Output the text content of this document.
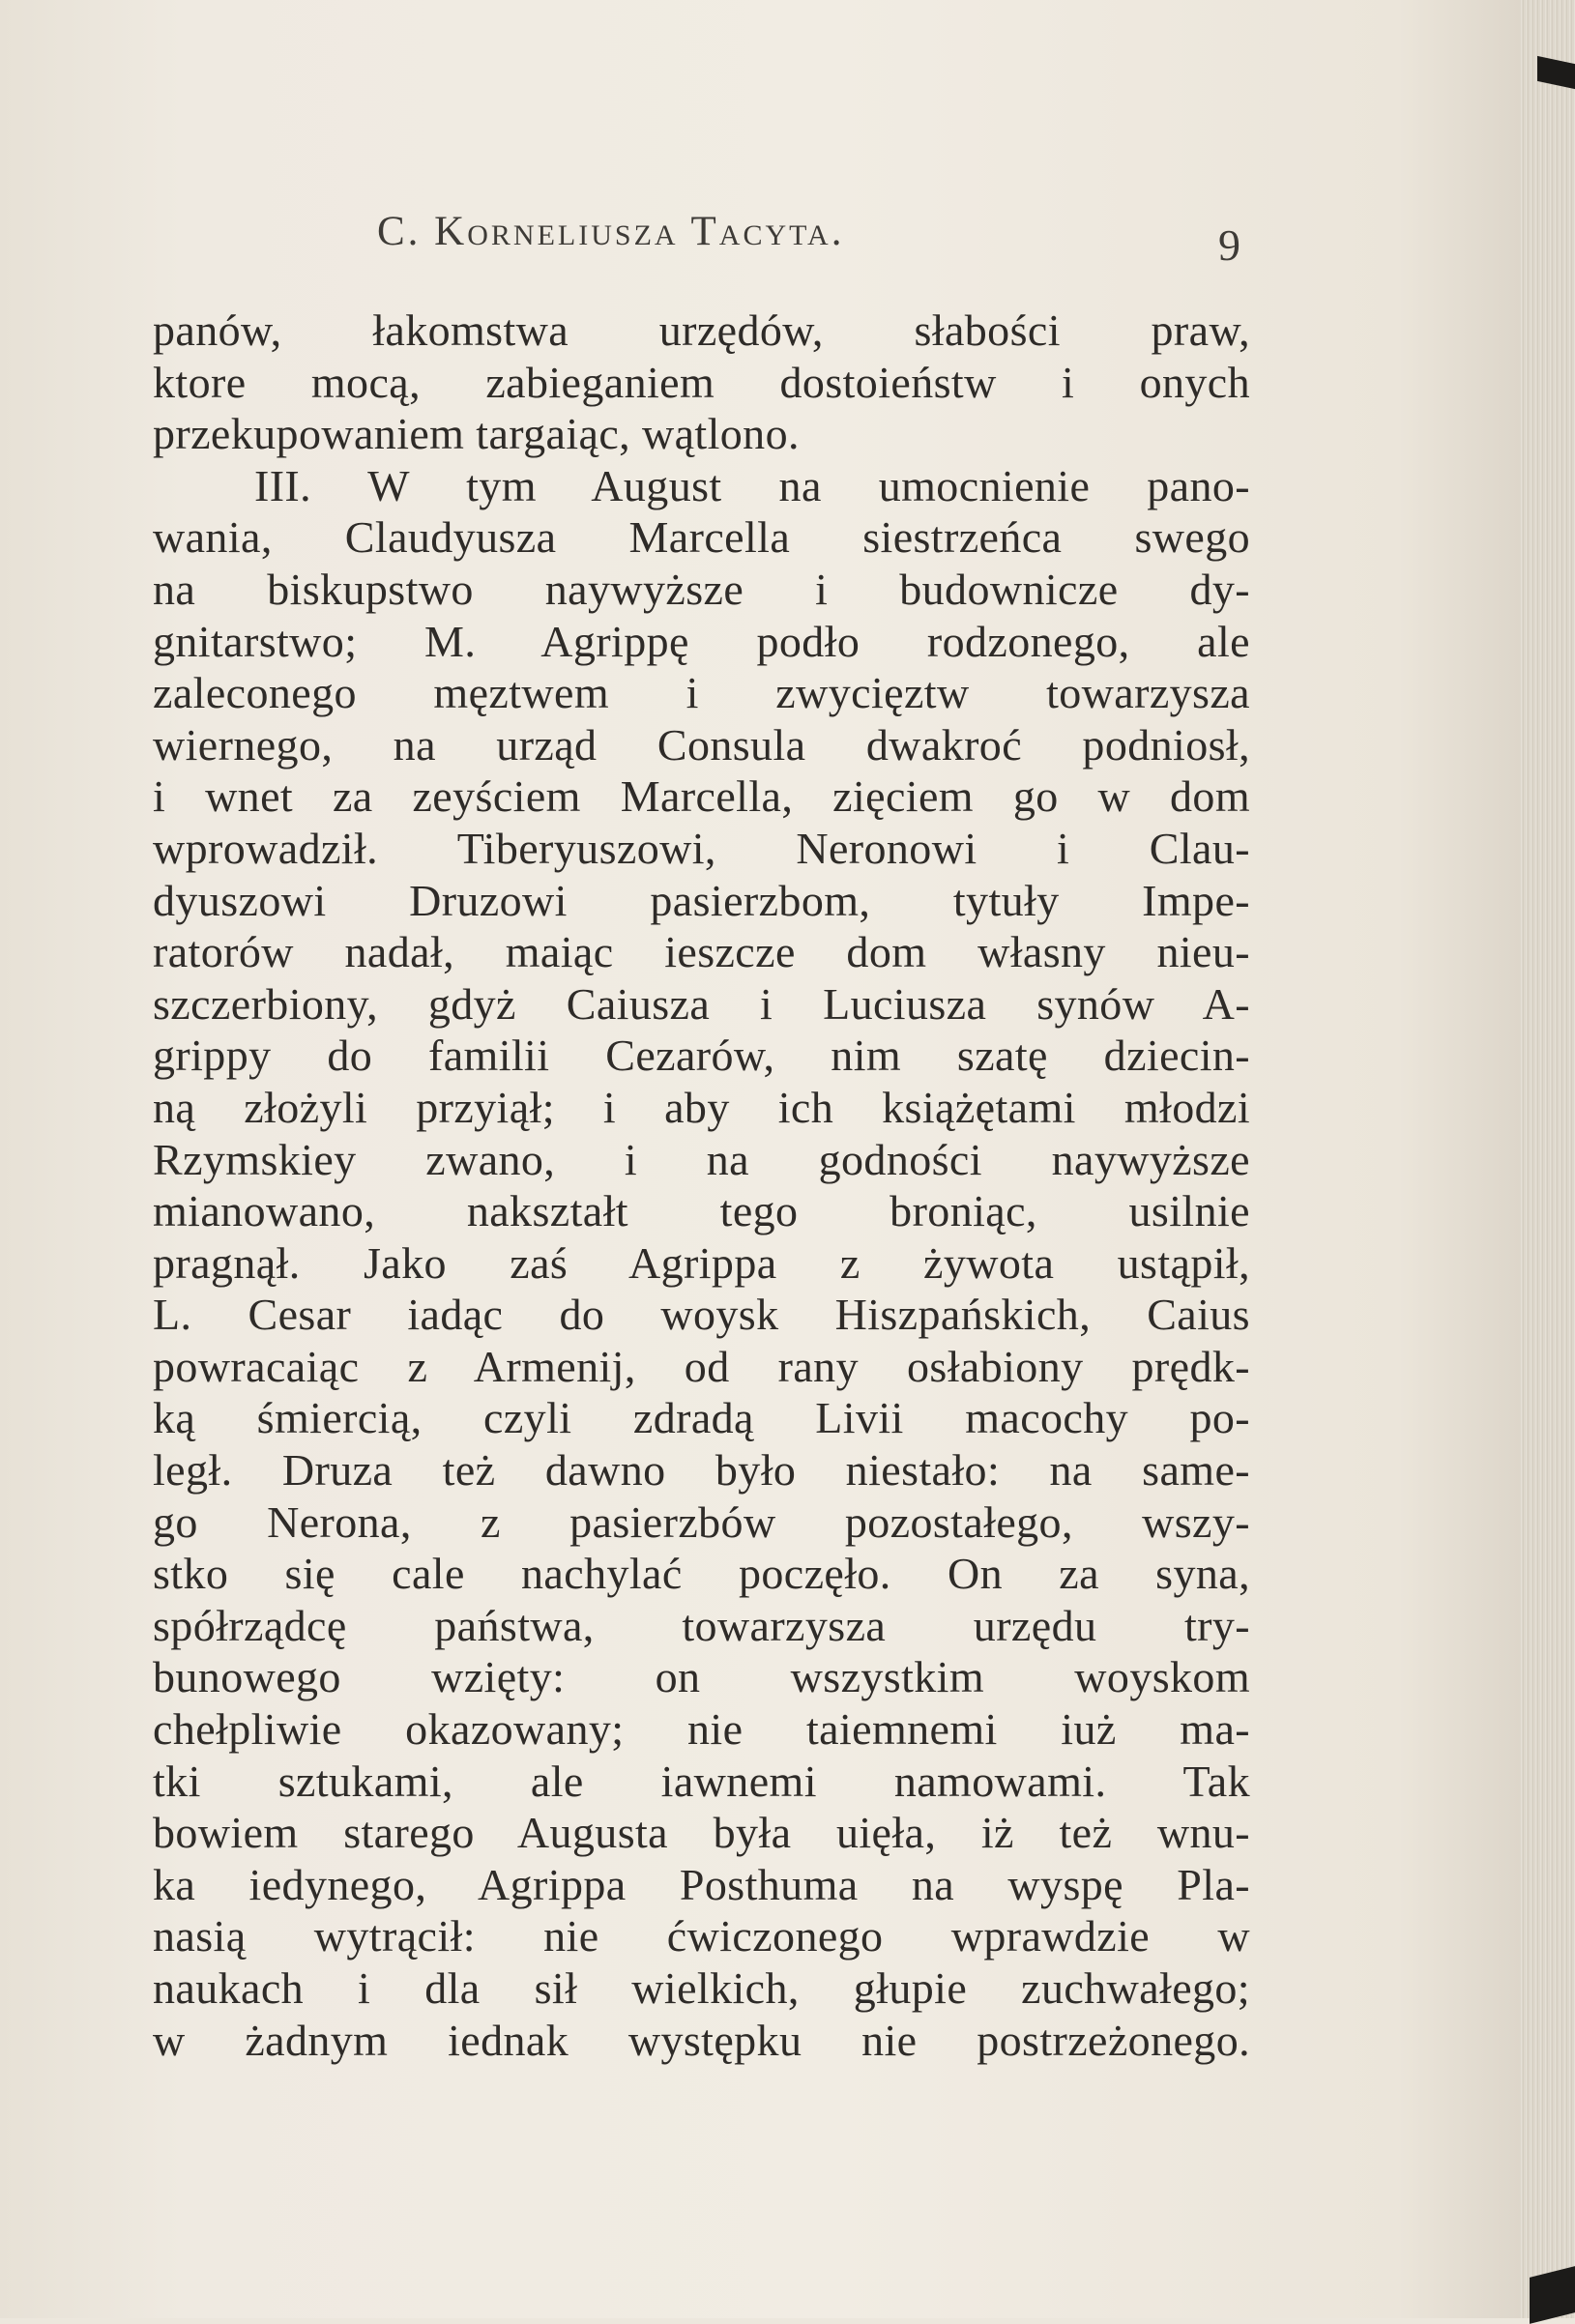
C. Korneliusza Tacyta.	9
panów, łakomstwa urzędów, słabości praw,
ktore mocą, zabieganiem dostoieństw i onych
przekupowaniem targaiąc, wątlono.
III. W tym August na umocnienie pano-
wania, Claudyusza Marcella siestrzeńca swego
na biskupstwo naywyższe i budownicze dy-
gnitarstwo; M. Agrippę podło rodzonego, ale
zaleconego męztwem i zwycięztw towarzysza
wiernego, na urząd Consula dwakroć podniosł,
i wnet za zeyściem Marcella, zięciem go w dom
wprowadził. Tiberyuszowi, Neronowi i Clau-
dyuszowi Druzowi pasierzbom, tytuły Impe-
ratorów nadał, maiąc ieszcze dom własny nieu-
szczerbiony, gdyż Caiusza i Luciusza synów A-
grippy do familii Cezarów, nim szatę dziecin-
ną złożyli przyiął; i aby ich książętami młodzi
Rzymskiey zwano, i na godności naywyższe
mianowano, nakształt tego broniąc, usilnie
pragnął. Jako zaś Agrippa z żywota ustąpił,
L. Cesar iadąc do woysk Hiszpańskich, Caius
powracaiąc z Armenij, od rany osłabiony prędk-
ką śmiercią, czyli zdradą Livii macochy po-
legł. Druza też dawno było niestało: na same-
go Nerona, z pasierzbów pozostałego, wszy-
stko się cale nachylać poczęło. On za syna,
spółrządcę państwa, towarzysza urzędu try-
bunowego wzięty: on wszystkim woyskom
chełpliwie okazowany; nie taiemnemi iuż ma-
tki sztukami, ale iawnemi namowami. Tak
bowiem starego Augusta była uięła, iż też wnu-
ka iedynego, Agrippa Posthuma na wyspę Pla-
nasią wytrącił: nie ćwiczonego wprawdzie w
naukach i dla sił wielkich, głupie zuchwałego;
w żadnym iednak występku nie postrzeżonego.
